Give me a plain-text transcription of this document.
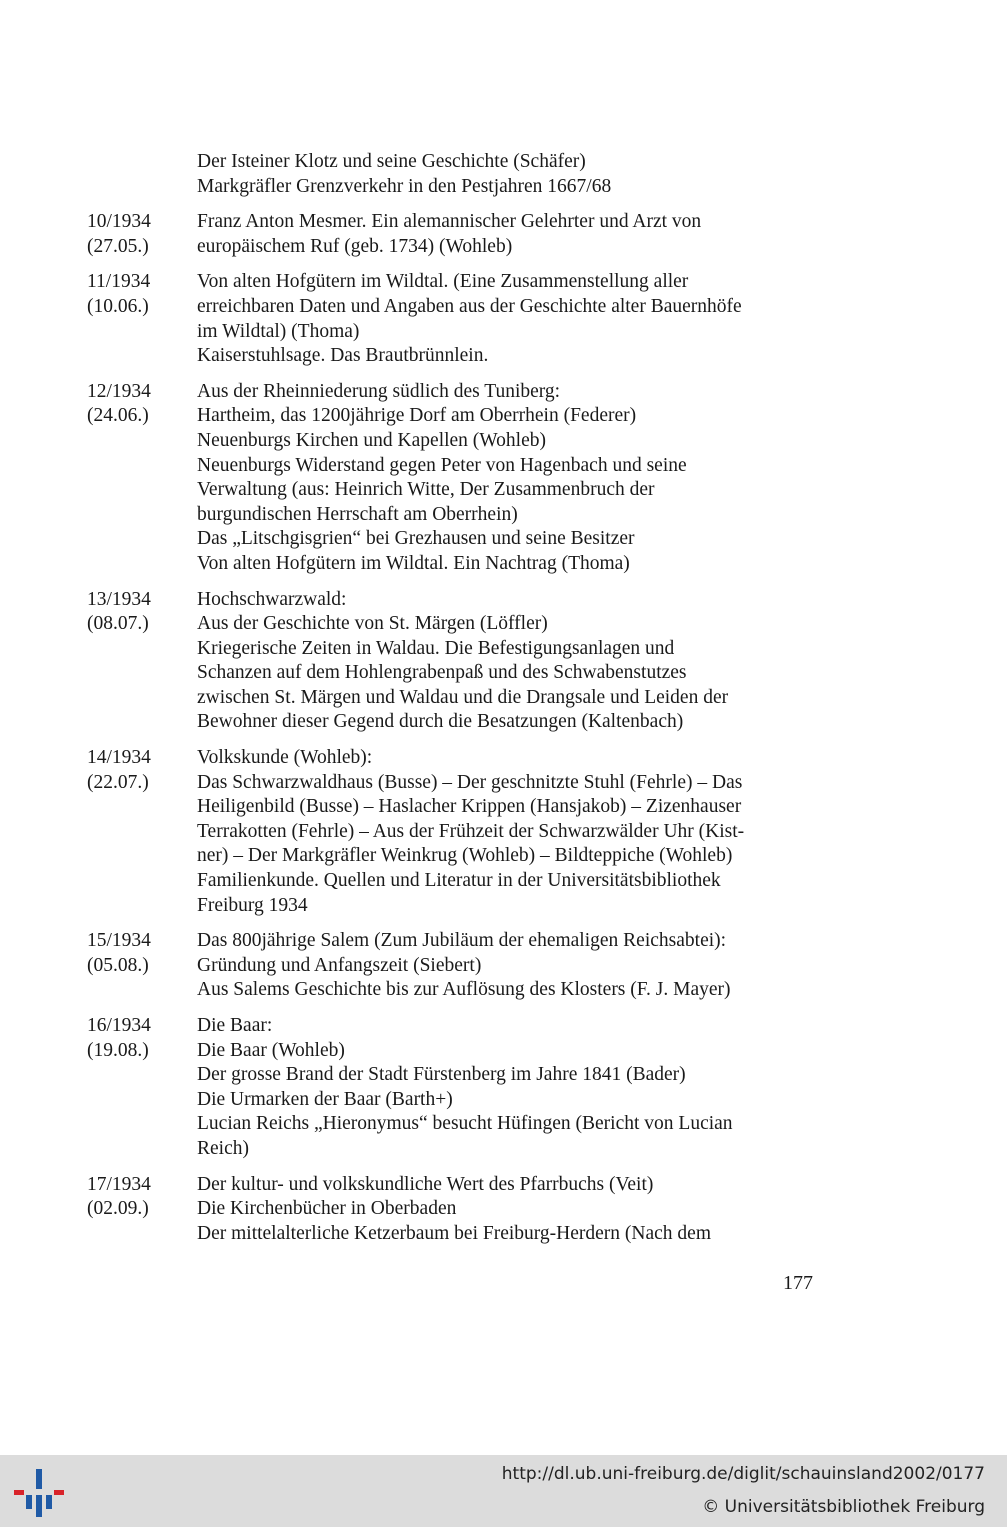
Der Isteiner Klotz und seine Geschichte (Schäfer)
Markgräfler Grenzverkehr in den Pestjahren 1667/68
10/1934
(27.05.)
Franz Anton Mesmer. Ein alemannischer Gelehrter und Arzt von
europäischem Ruf (geb. 1734) (Wohleb)
11/1934
(10.06.)
Von alten Hofgütern im Wildtal. (Eine Zusammenstellung aller
erreichbaren Daten und Angaben aus der Geschichte alter Bauernhöfe
im Wildtal) (Thoma)
Kaiserstuhlsage. Das Brautbrünnlein.
12/1934
(24.06.)
Aus der Rheinniederung südlich des Tuniberg:
Hartheim, das 1200jährige Dorf am Oberrhein (Federer)
Neuenburgs Kirchen und Kapellen (Wohleb)
Neuenburgs Widerstand gegen Peter von Hagenbach und seine
Verwaltung (aus: Heinrich Witte, Der Zusammenbruch der
burgundischen Herrschaft am Oberrhein)
Das „Litschgisgrien“ bei Grezhausen und seine Besitzer
Von alten Hofgütern im Wildtal. Ein Nachtrag (Thoma)
13/1934
(08.07.)
Hochschwarzwald:
Aus der Geschichte von St. Märgen (Löffler)
Kriegerische Zeiten in Waldau. Die Befestigungsanlagen und
Schanzen auf dem Hohlengrabenpaß und des Schwabenstutzes
zwischen St. Märgen und Waldau und die Drangsale und Leiden der
Bewohner dieser Gegend durch die Besatzungen (Kaltenbach)
14/1934
(22.07.)
Volkskunde (Wohleb):
Das Schwarzwaldhaus (Busse) – Der geschnitzte Stuhl (Fehrle) – Das
Heiligenbild (Busse) – Haslacher Krippen (Hansjakob) – Zizenhauser
Terrakotten (Fehrle) – Aus der Frühzeit der Schwarzwälder Uhr (Kist-
ner) – Der Markgräfler Weinkrug (Wohleb) – Bildteppiche (Wohleb)
Familienkunde. Quellen und Literatur in der Universitätsbibliothek
Freiburg 1934
15/1934
(05.08.)
Das 800jährige Salem (Zum Jubiläum der ehemaligen Reichsabtei):
Gründung und Anfangszeit (Siebert)
Aus Salems Geschichte bis zur Auflösung des Klosters (F. J. Mayer)
16/1934
(19.08.)
Die Baar:
Die Baar (Wohleb)
Der grosse Brand der Stadt Fürstenberg im Jahre 1841 (Bader)
Die Urmarken der Baar (Barth+)
Lucian Reichs „Hieronymus“ besucht Hüfingen (Bericht von Lucian
Reich)
17/1934
(02.09.)
Der kultur- und volkskundliche Wert des Pfarrbuchs (Veit)
Die Kirchenbücher in Oberbaden
Der mittelalterliche Ketzerbaum bei Freiburg-Herdern (Nach dem
177
http://dl.ub.uni-freiburg.de/diglit/schauinsland2002/0177
© Universitätsbibliothek Freiburg
